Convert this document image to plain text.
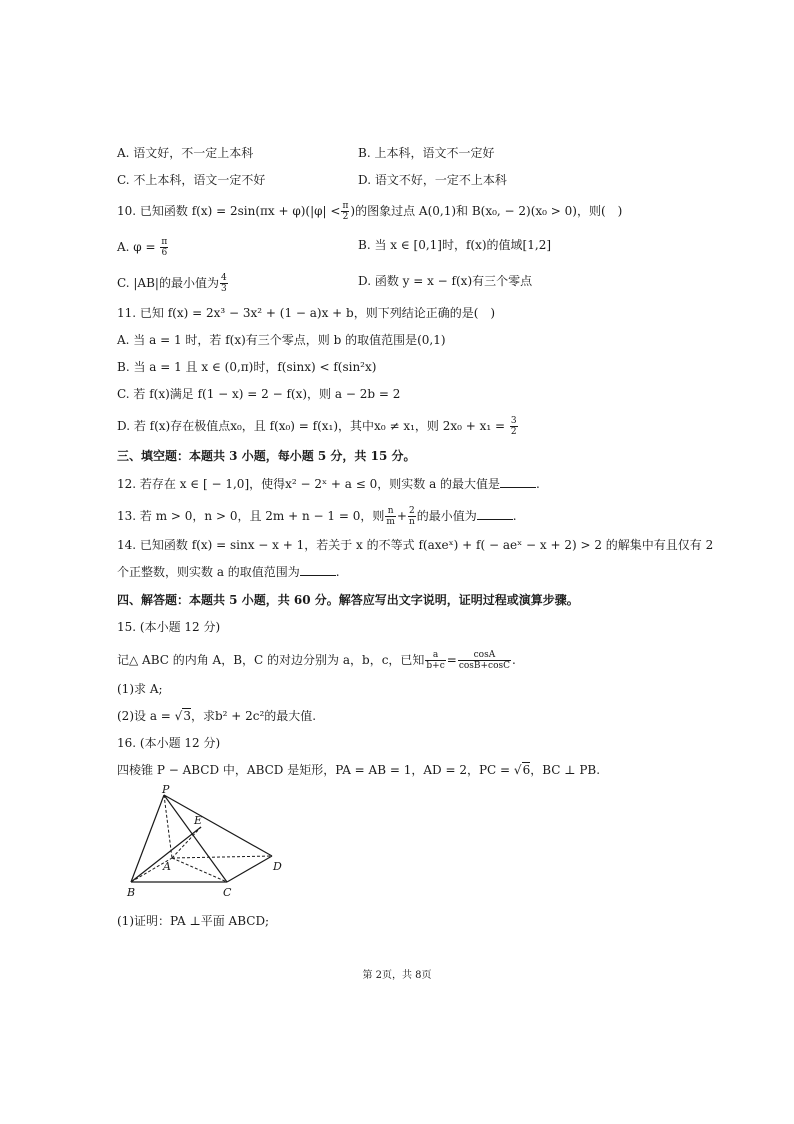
A. 语文好，不一定上本科	B. 上本科，语文不一定好
C. 不上本科，语文一定不好	D. 语文不好，一定不上本科
10. 已知函数 $f(x) = 2\sin(\pi x + \varphi)(|\varphi| < \frac{\pi}{2}$ )的图象过点 A(0,1)和 B(x₀, − 2)(x₀ > 0)，则(　)
A. $\varphi = \frac{\pi}{6}$	B. 当 x ∈ [0,1]时，f(x)的值域[1,2]
C. |AB|的最小值为 $\frac{4}{3}$	D. 函数 y = x − f(x)有三个零点
11. 已知 f(x) = 2x³ − 3x² + (1 − a)x + b，则下列结论正确的是(　)
A. 当 a = 1 时，若 f(x)有三个零点，则 b 的取值范围是(0,1)
B. 当 a = 1 且 x ∈ (0,π)时，f(sinx) < f(sin²x)
C. 若 f(x)满足 f(1 − x) = 2 − f(x)，则 a − 2b = 2
D. 若 f(x)存在极值点x₀，且 f(x₀) = f(x₁)，其中x₀ ≠ x₁，则 $2x_0 + x_1 = \frac{3}{2}$
三、填空题：本题共 3 小题，每小题 5 分，共 15 分。
12. 若存在 x ∈ [ − 1,0]，使得x² − 2ˣ + a ≤ 0，则实数 a 的最大值是	.
13. 若 m > 0，n > 0，且 2m + n − 1 = 0，则 $\frac{n}{m} + \frac{2}{n}$ 的最小值为	.
14. 已知函数 f(x) = sinx − x + 1，若关于 x 的不等式 f(axeˣ) + f( − aeˣ − x + 2) > 2 的解集中有且仅有 2
个正整数，则实数 a 的取值范围为	.
四、解答题：本题共 5 小题，共 60 分。解答应写出文字说明，证明过程或演算步骤。
15. (本小题 12 分)
记△ ABC 的内角 A，B，C 的对边分别为 a，b，c，已知 $\frac{a}{b+c} = \frac{\cos A}{\cos B+\cos C}$ .
(1)求 A;
(2)设 a = √3，求b² + 2c²的最大值.
16. (本小题 12 分)
四棱锥 P − ABCD 中，ABCD 是矩形，PA = AB = 1，AD = 2，PC = √6，BC ⊥ PB.
P
E
A
B	C
D
(1)证明：PA ⊥平面 ABCD;
第 2页，共 8页
